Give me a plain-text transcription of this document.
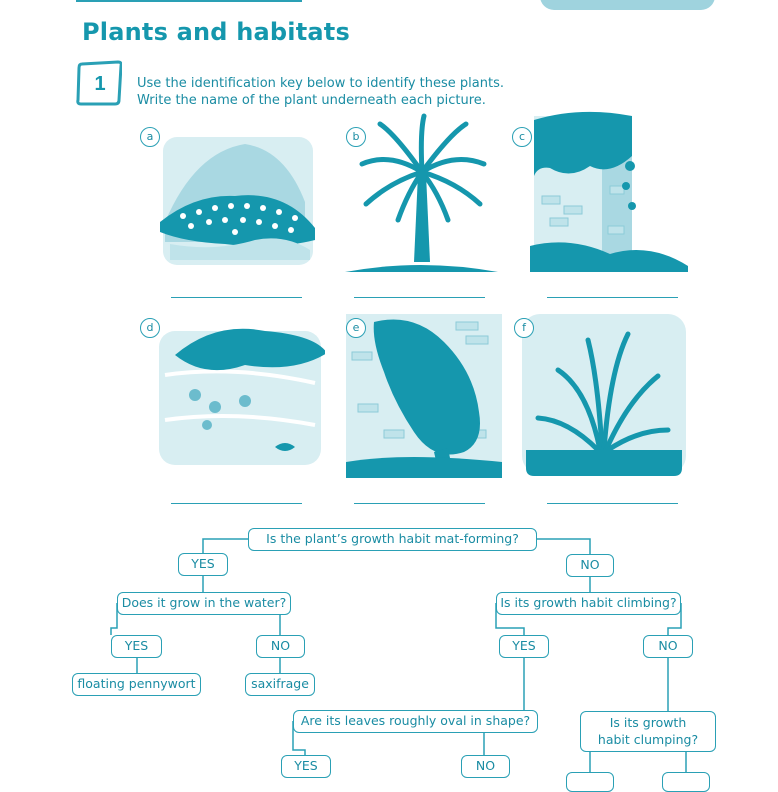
Plants and habitats
1 Use the identification key below to identify these plants.
Write the name of the plant underneath each picture.
a	b	c
d	e	f
Is the plant’s growth habit mat-forming?
YES	NO
Does it grow in the water?	Is its growth habit climbing?
YES	NO	YES	NO
floating pennywort	saxifrage
Are its leaves roughly oval in shape?	Is its growth habit clumping?
YES	NO
